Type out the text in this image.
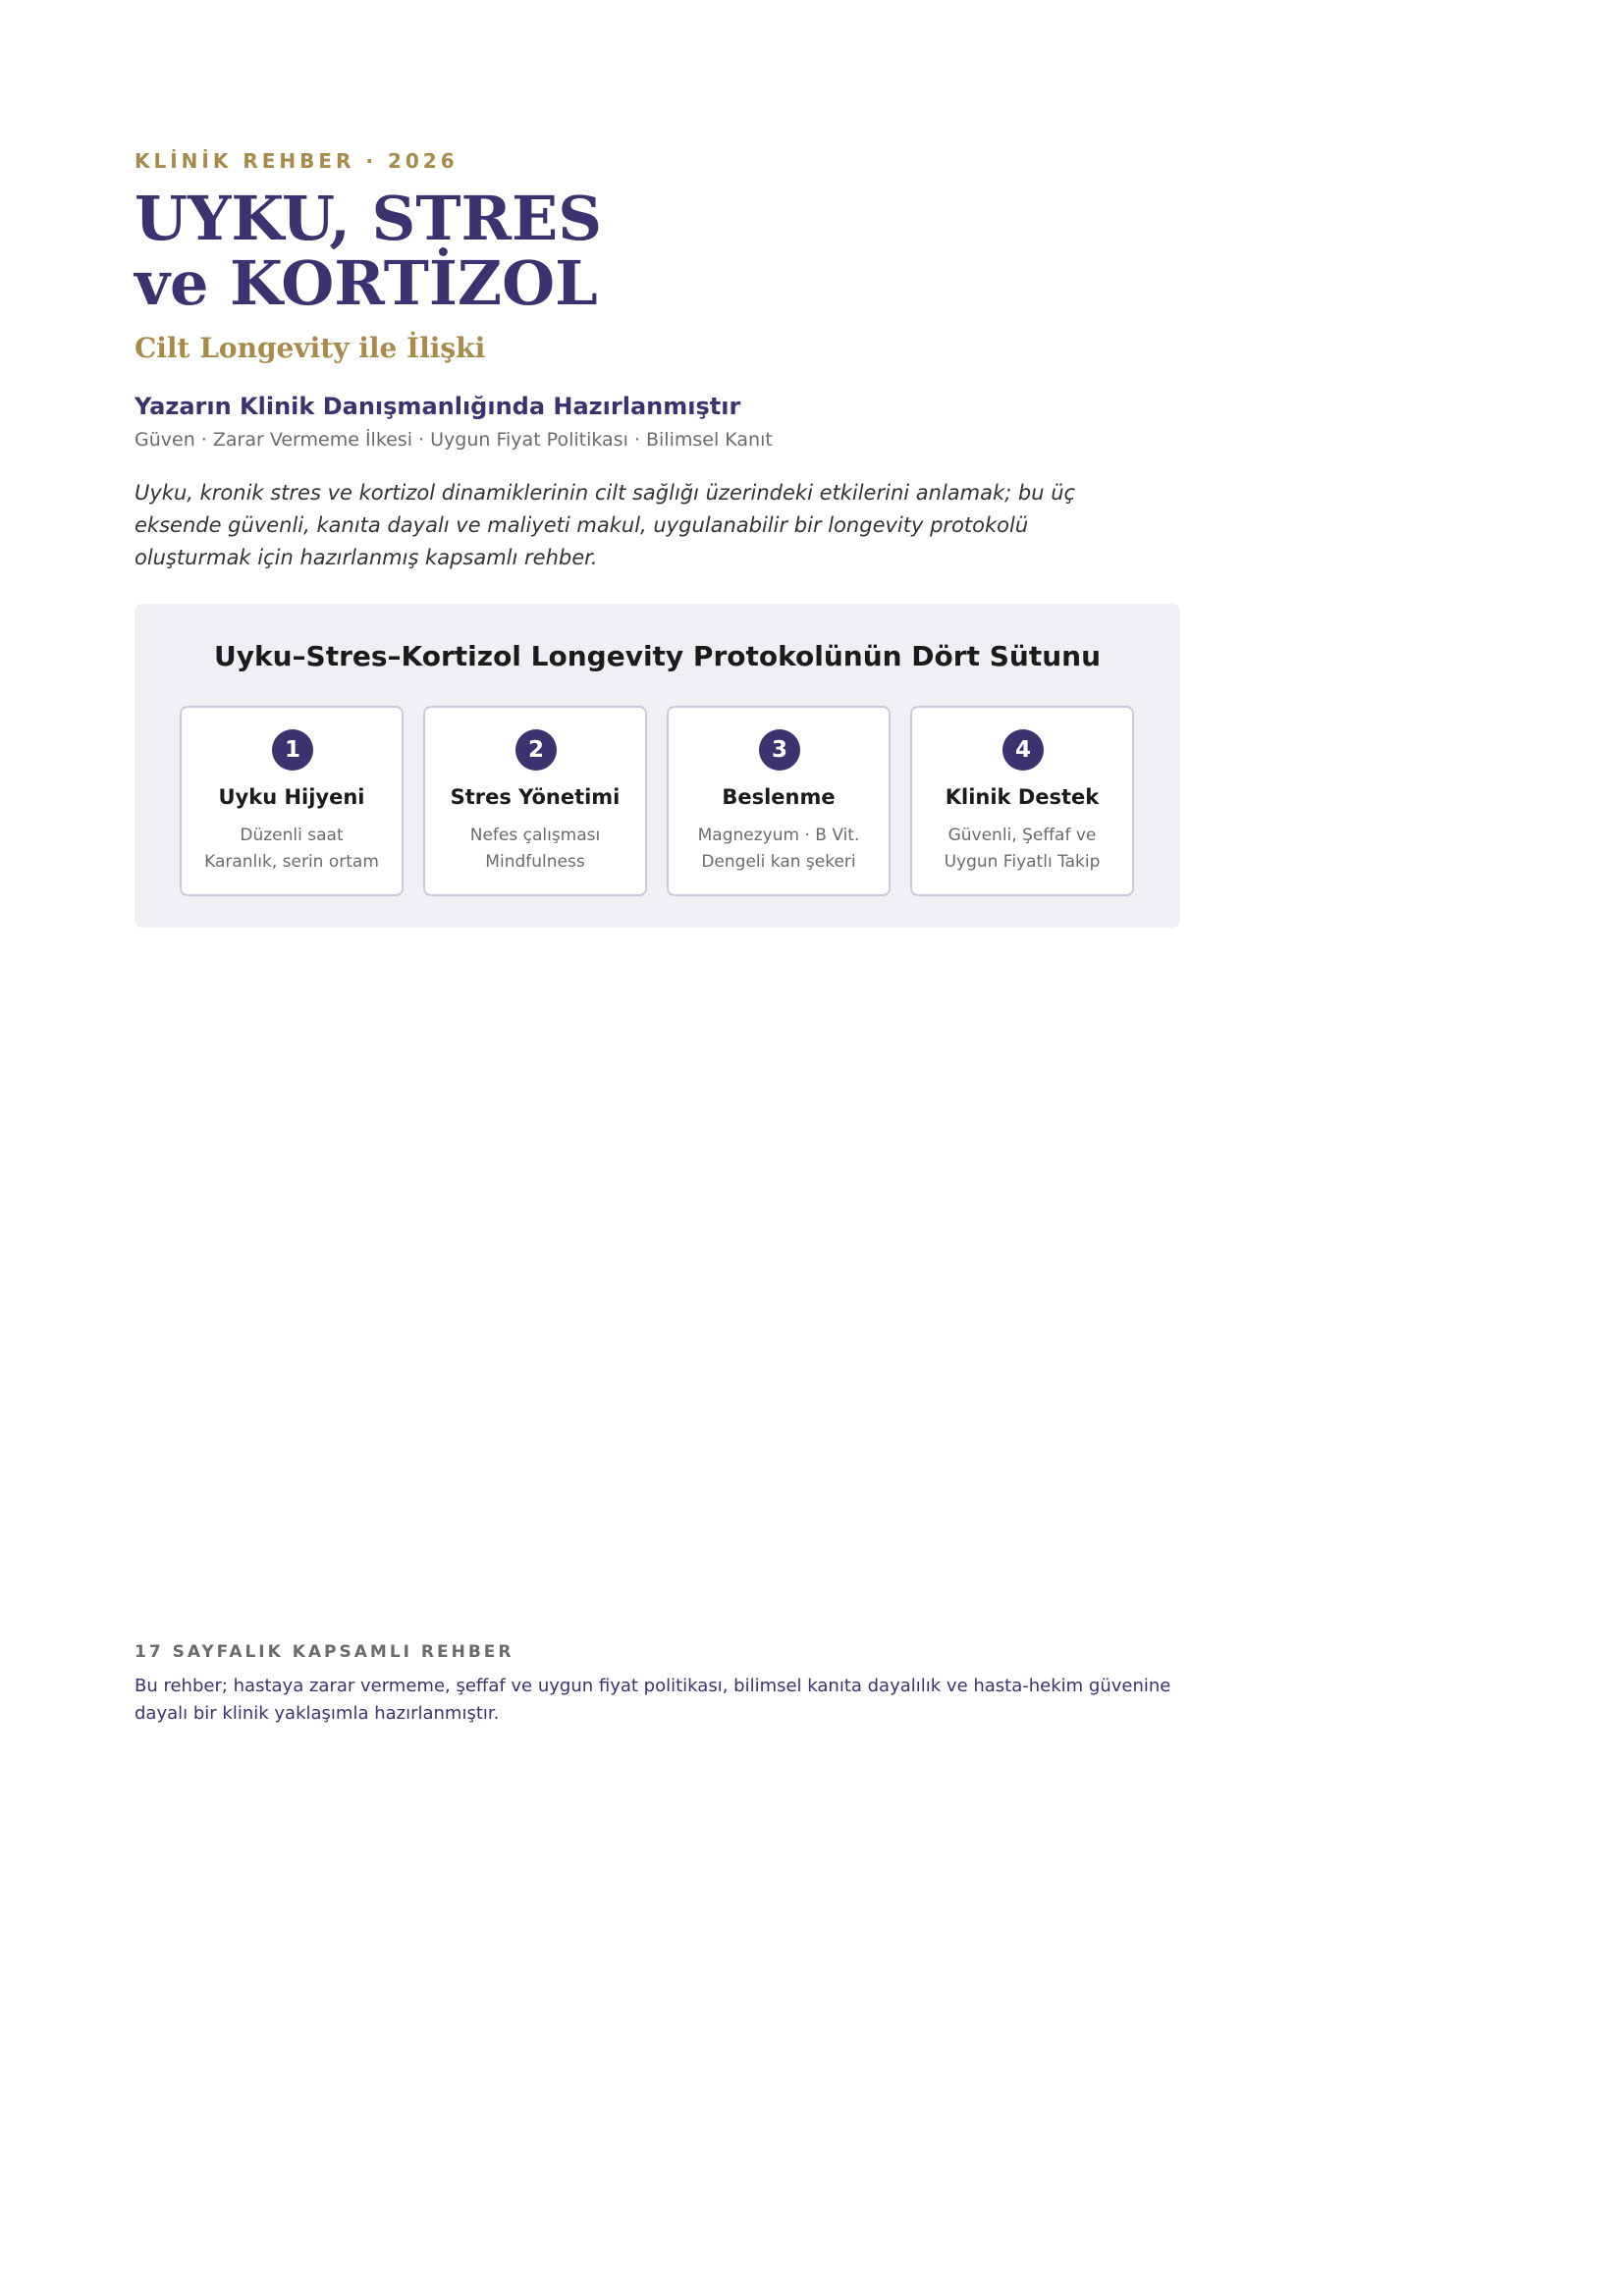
KLİNİK REHBER · 2026
UYKU, STRES
ve KORTİZOL
Cilt Longevity ile İlişki
Yazarın Klinik Danışmanlığında Hazırlanmıştır
Güven · Zarar Vermeme İlkesi · Uygun Fiyat Politikası · Bilimsel Kanıt

Uyku, kronik stres ve kortizol dinamiklerinin cilt sağlığı üzerindeki etkilerini anlamak; bu üç eksende güvenli, kanıta dayalı ve maliyeti makul, uygulanabilir bir longevity protokolü oluşturmak için hazırlanmış kapsamlı rehber.

Uyku–Stres–Kortizol Longevity Protokolünün Dört Sütunu
1
Uyku Hijyeni
Düzenli saat
Karanlık, serin ortam
2
Stres Yönetimi
Nefes çalışması
Mindfulness
3
Beslenme
Magnezyum · B Vit.
Dengeli kan şekeri
4
Klinik Destek
Güvenli, Şeffaf ve
Uygun Fiyatlı Takip
17 SAYFALIK KAPSAMLI REHBER

Bu rehber; hastaya zarar vermeme, şeffaf ve uygun fiyat politikası, bilimsel kanıta dayalılık ve hasta-hekim güvenine dayalı bir klinik yaklaşımla hazırlanmıştır.
